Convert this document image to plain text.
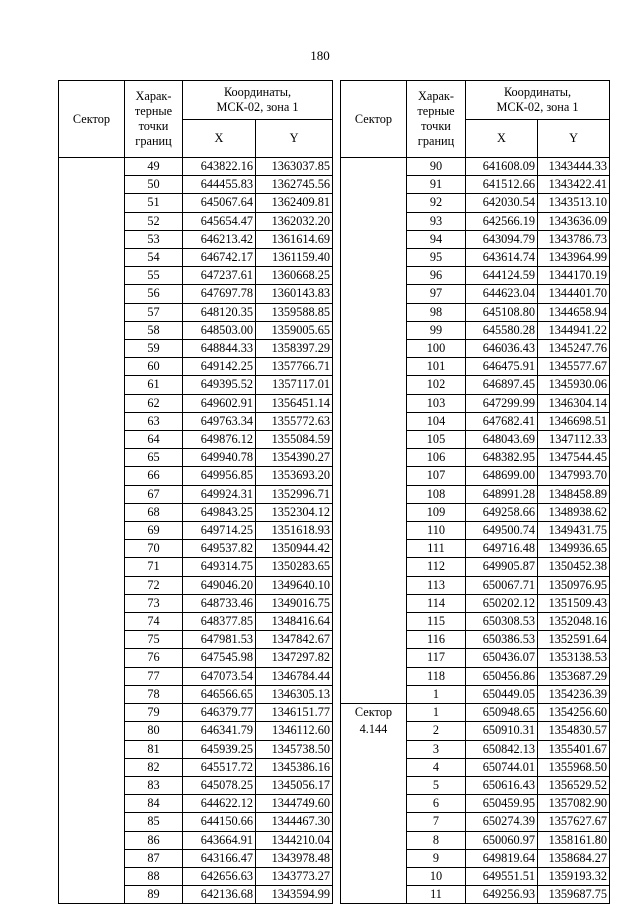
180
Сектор	Харак-
терные
точки
границ	Координаты,
МСК-02, зона 1	
		X	Y
	49	643822.16	1363037.85
	50	644455.83	1362745.56
	51	645067.64	1362409.81
	52	645654.47	1362032.20
	53	646213.42	1361614.69
	54	646742.17	1361159.40
	55	647237.61	1360668.25
	56	647697.78	1360143.83
	57	648120.35	1359588.85
	58	648503.00	1359005.65
	59	648844.33	1358397.29
	60	649142.25	1357766.71
	61	649395.52	1357117.01
	62	649602.91	1356451.14
	63	649763.34	1355772.63
	64	649876.12	1355084.59
	65	649940.78	1354390.27
	66	649956.85	1353693.20
	67	649924.31	1352996.71
	68	649843.25	1352304.12
	69	649714.25	1351618.93
	70	649537.82	1350944.42
	71	649314.75	1350283.65
	72	649046.20	1349640.10
	73	648733.46	1349016.75
	74	648377.85	1348416.64
	75	647981.53	1347842.67
	76	647545.98	1347297.82
	77	647073.54	1346784.44
	78	646566.65	1346305.13
	79	646379.77	1346151.77
	80	646341.79	1346112.60
	81	645939.25	1345738.50
	82	645517.72	1345386.16
	83	645078.25	1345056.17
	84	644622.12	1344749.60
	85	644150.66	1344467.30
	86	643664.91	1344210.04
	87	643166.47	1343978.48
	88	642656.63	1343773.27
	89	642136.68	1343594.99
Сектор	Харак-
терные
точки
границ	Координаты,
МСК-02, зона 1	
		X	Y
	90	641608.09	1343444.33
	91	641512.66	1343422.41
	92	642030.54	1343513.10
	93	642566.19	1343636.09
	94	643094.79	1343786.73
	95	643614.74	1343964.99
	96	644124.59	1344170.19
	97	644623.04	1344401.70
	98	645108.80	1344658.94
	99	645580.28	1344941.22
	100	646036.43	1345247.76
	101	646475.91	1345577.67
	102	646897.45	1345930.06
	103	647299.99	1346304.14
	104	647682.41	1346698.51
	105	648043.69	1347112.33
	106	648382.95	1347544.45
	107	648699.00	1347993.70
	108	648991.28	1348458.89
	109	649258.66	1348938.62
	110	649500.74	1349431.75
	111	649716.48	1349936.65
	112	649905.87	1350452.38
	113	650067.71	1350976.95
	114	650202.12	1351509.43
	115	650308.53	1352048.16
	116	650386.53	1352591.64
	117	650436.07	1353138.53
	118	650456.86	1353687.29
	1	650449.05	1354236.39

Сектор
4.144	1	650948.65	1354256.60
	2	650910.31	1354830.57
	3	650842.13	1355401.67
	4	650744.01	1355968.50
	5	650616.43	1356529.52
	6	650459.95	1357082.90
	7	650274.39	1357627.67
	8	650060.97	1358161.80
	9	649819.64	1358684.27
	10	649551.51	1359193.32
	11	649256.93	1359687.75
